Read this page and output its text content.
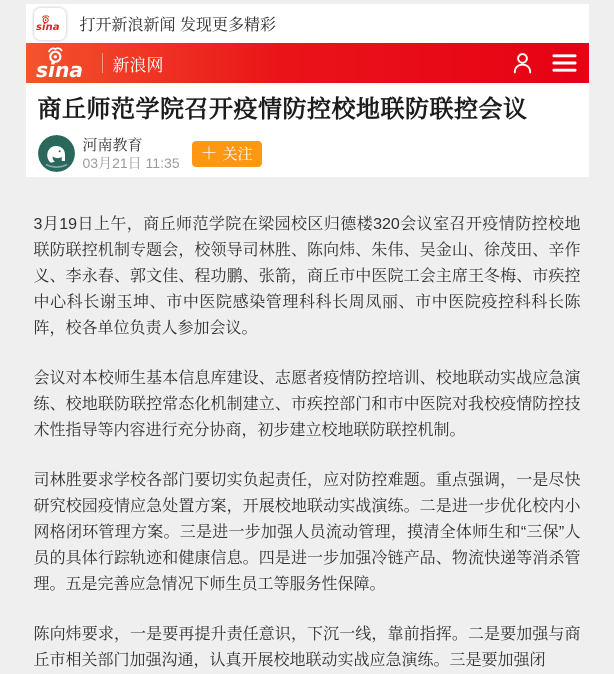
sina 打开新浪新闻 发现更多精彩
sina 新浪网
商丘师范学院召开疫情防控校地联防联控会议
河南教育
03月21日 11:35 ＋ 关注

3月19日上午，商丘师范学院在梁园校区归德楼320会议室召开疫情防控校地联防联控机制专题会，校领导司林胜、陈向炜、朱伟、吴金山、徐茂田、辛作义、李永春、郭文佳、程功鹏、张箭，商丘市中医院工会主席王冬梅、市疾控中心科长谢玉坤、市中医院感染管理科科长周凤丽、市中医院疫控科科长陈阵，校各单位负责人参加会议。

会议对本校师生基本信息库建设、志愿者疫情防控培训、校地联动实战应急演练、校地联防联控常态化机制建立、市疾控部门和市中医院对我校疫情防控技术性指导等内容进行充分协商，初步建立校地联防联控机制。

司林胜要求学校各部门要切实负起责任，应对防控难题。重点强调，一是尽快研究校园疫情应急处置方案，开展校地联动实战演练。二是进一步优化校内小网格闭环管理方案。三是进一步加强人员流动管理，摸清全体师生和“三保”人员的具体行踪轨迹和健康信息。四是进一步加强冷链产品、物流快递等消杀管理。五是完善应急情况下师生员工等服务性保障。

陈向炜要求，一是要再提升责任意识，下沉一线，靠前指挥。二是要加强与商丘市相关部门加强沟通，认真开展校地联动实战应急演练。三是要加强闭
